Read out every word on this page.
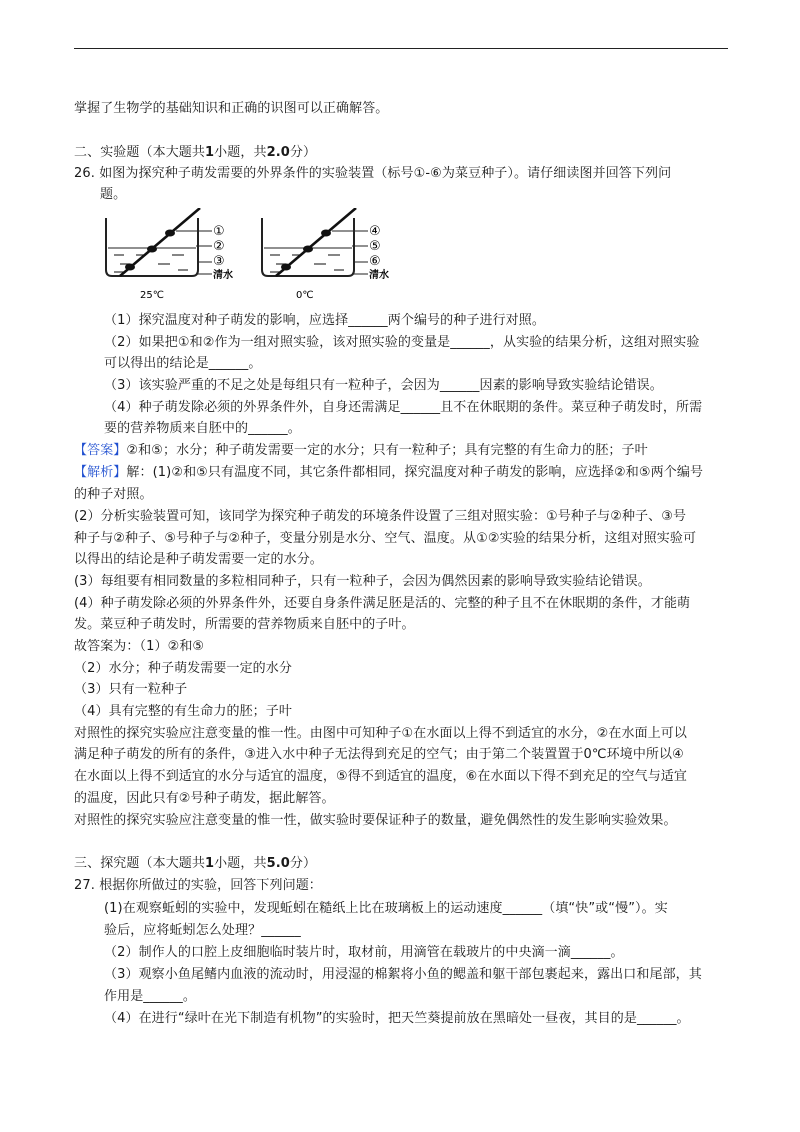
掌握了生物学的基础知识和正确的识图可以正确解答。
二、实验题（本大题共1小题，共2.0分）
26. 如图为探究种子萌发需要的外界条件的实验装置（标号①-⑥为菜豆种子）。请仔细读图并回答下列问
题。
①
②
③
清水
25℃
④
⑤
⑥
清水
0℃
（1）探究温度对种子萌发的影响，应选择______两个编号的种子进行对照。
（2）如果把①和②作为一组对照实验，该对照实验的变量是______，从实验的结果分析，这组对照实验
可以得出的结论是______。
（3）该实验严重的不足之处是每组只有一粒种子，会因为______因素的影响导致实验结论错误。
（4）种子萌发除必须的外界条件外，自身还需满足______且不在休眠期的条件。菜豆种子萌发时，所需
要的营养物质来自胚中的______。
【答案】②和⑤；水分；种子萌发需要一定的水分；只有一粒种子；具有完整的有生命力的胚；子叶
【解析】解：(1)②和⑤只有温度不同，其它条件都相同，探究温度对种子萌发的影响，应选择②和⑤两个编号
的种子对照。
(2）分析实验装置可知，该同学为探究种子萌发的环境条件设置了三组对照实验：①号种子与②种子、③号
种子与②种子、⑤号种子与②种子，变量分别是水分、空气、温度。从①②实验的结果分析，这组对照实验可
以得出的结论是种子萌发需要一定的水分。
(3）每组要有相同数量的多粒相同种子，只有一粒种子，会因为偶然因素的影响导致实验结论错误。
(4）种子萌发除必须的外界条件外，还要自身条件满足胚是活的、完整的种子且不在休眠期的条件，才能萌
发。菜豆种子萌发时，所需要的营养物质来自胚中的子叶。
故答案为：（1）②和⑤
（2）水分；种子萌发需要一定的水分
（3）只有一粒种子
（4）具有完整的有生命力的胚；子叶
对照性的探究实验应注意变量的惟一性。由图中可知种子①在水面以上得不到适宜的水分，②在水面上可以
满足种子萌发的所有的条件，③进入水中种子无法得到充足的空气；由于第二个装置置于0℃环境中所以④
在水面以上得不到适宜的水分与适宜的温度，⑤得不到适宜的温度，⑥在水面以下得不到充足的空气与适宜
的温度，因此只有②号种子萌发，据此解答。
对照性的探究实验应注意变量的惟一性，做实验时要保证种子的数量，避免偶然性的发生影响实验效果。
三、探究题（本大题共1小题，共5.0分）
27. 根据你所做过的实验，回答下列问题：
(1)在观察蚯蚓的实验中，发现蚯蚓在糙纸上比在玻璃板上的运动速度______（填“快”或“慢”）。实
验后，应将蚯蚓怎么处理？______
（2）制作人的口腔上皮细胞临时装片时，取材前，用滴管在载玻片的中央滴一滴______。
（3）观察小鱼尾鳍内血液的流动时，用浸湿的棉絮将小鱼的鳃盖和躯干部包裹起来，露出口和尾部，其
作用是______。
（4）在进行“绿叶在光下制造有机物”的实验时，把天竺葵提前放在黑暗处一昼夜，其目的是______。
